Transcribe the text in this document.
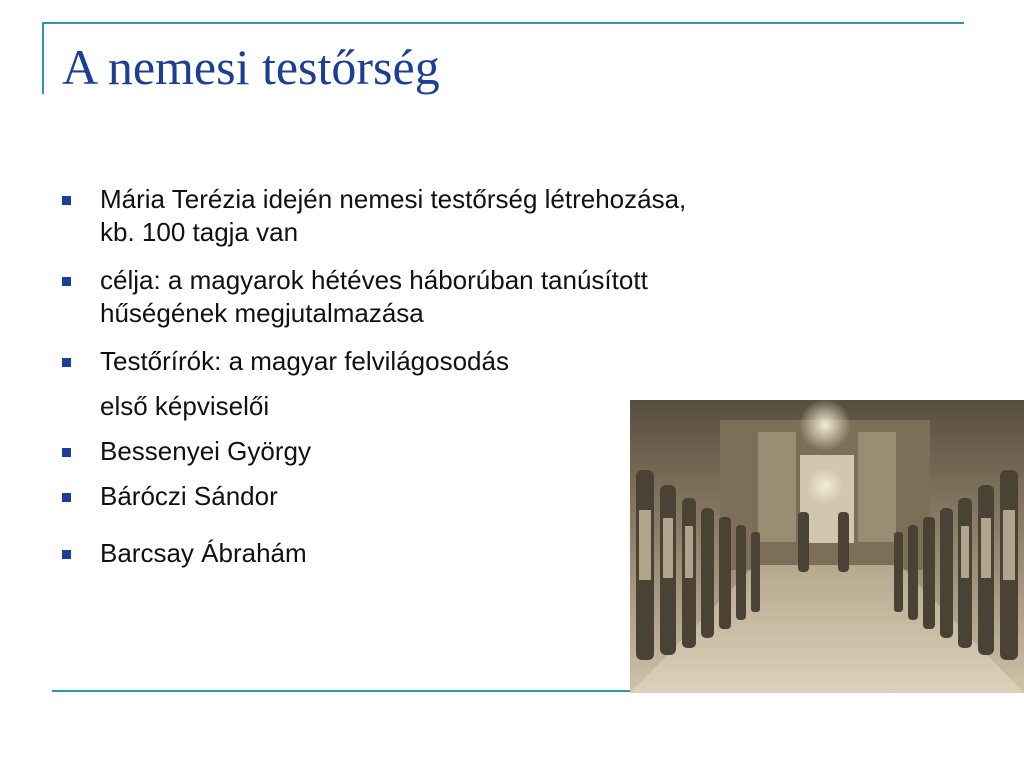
A nemesi testőrség
Mária Terézia idején nemesi testőrség létrehozása,
kb. 100 tagja van
célja: a magyarok hétéves háborúban tanúsított
hűségének megjutalmazása
Testőrírók: a magyar felvilágosodás
első képviselői
Bessenyei György
Báróczi Sándor
Barcsay Ábrahám
